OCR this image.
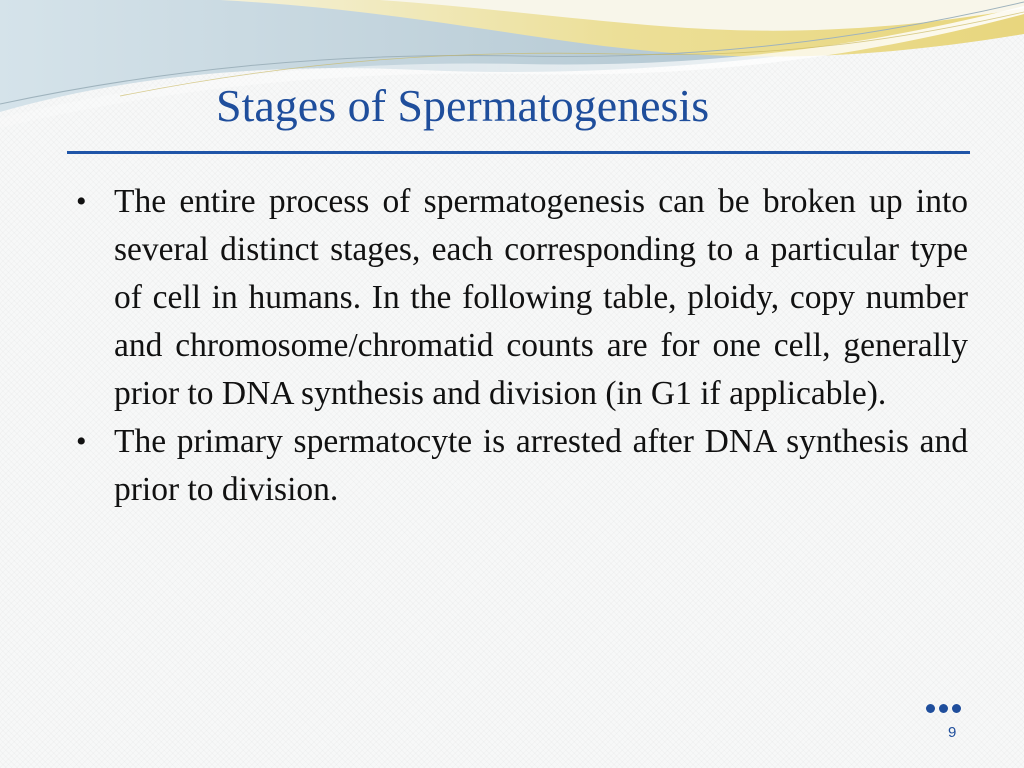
Stages of Spermatogenesis
• The entire process of spermatogenesis can be broken up into several distinct stages, each corresponding to a particular type of cell in humans. In the following table, ploidy, copy number and chromosome/chromatid counts are for one cell, generally prior to DNA synthesis and division (in G1 if applicable).
• The primary spermatocyte is arrested after DNA synthesis and prior to division.
9
